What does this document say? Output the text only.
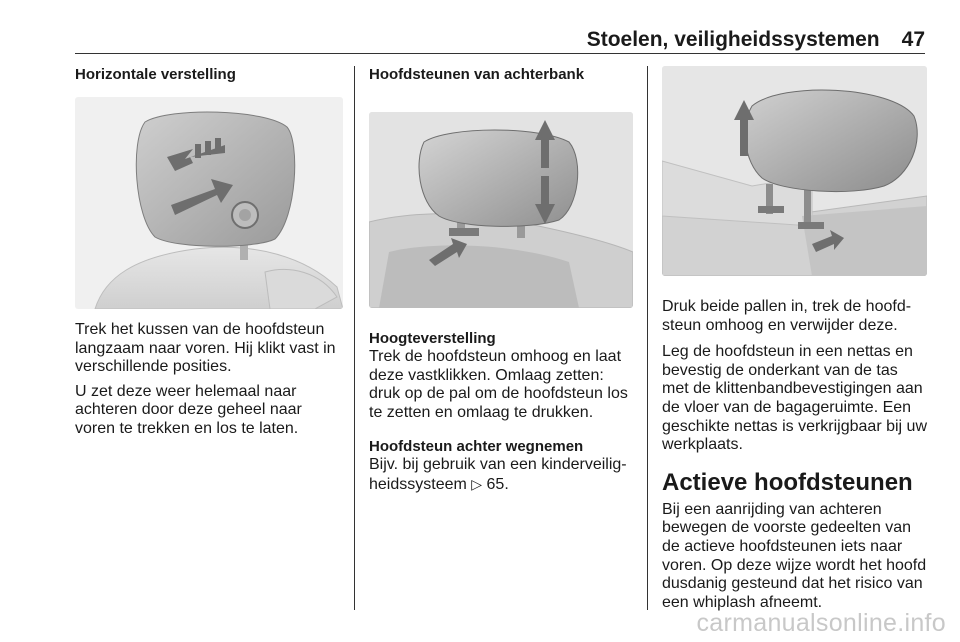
Stoelen, veiligheidssystemen 47
Horizontale verstelling

Trek het kussen van de hoofdsteun langzaam naar voren. Hij klikt vast in verschillende posities.

U zet deze weer helemaal naar achteren door deze geheel naar voren te trekken en los te laten.

Hoofdsteunen van achterbank
Hoogteverstelling

Trek de hoofdsteun omhoog en laat deze vastklikken. Omlaag zetten: druk op de pal om de hoofdsteun los te zetten en omlaag te drukken.

Hoofdsteun achter wegnemen

Bijv. bij gebruik van een kinderveiligheidssysteem ▷ 65.

Druk beide pallen in, trek de hoofdsteun omhoog en verwijder deze.

Leg de hoofdsteun in een nettas en bevestig de onderkant van de tas met de klittenbandbevestigingen aan de vloer van de bagageruimte. Een geschikte nettas is verkrijgbaar bij uw werkplaats.

Actieve hoofdsteunen

Bij een aanrijding van achteren bewegen de voorste gedeelten van de actieve hoofdsteunen iets naar voren. Op deze wijze wordt het hoofd dusdanig gesteund dat het risico van een whiplash afneemt.

carmanualsonline.info
